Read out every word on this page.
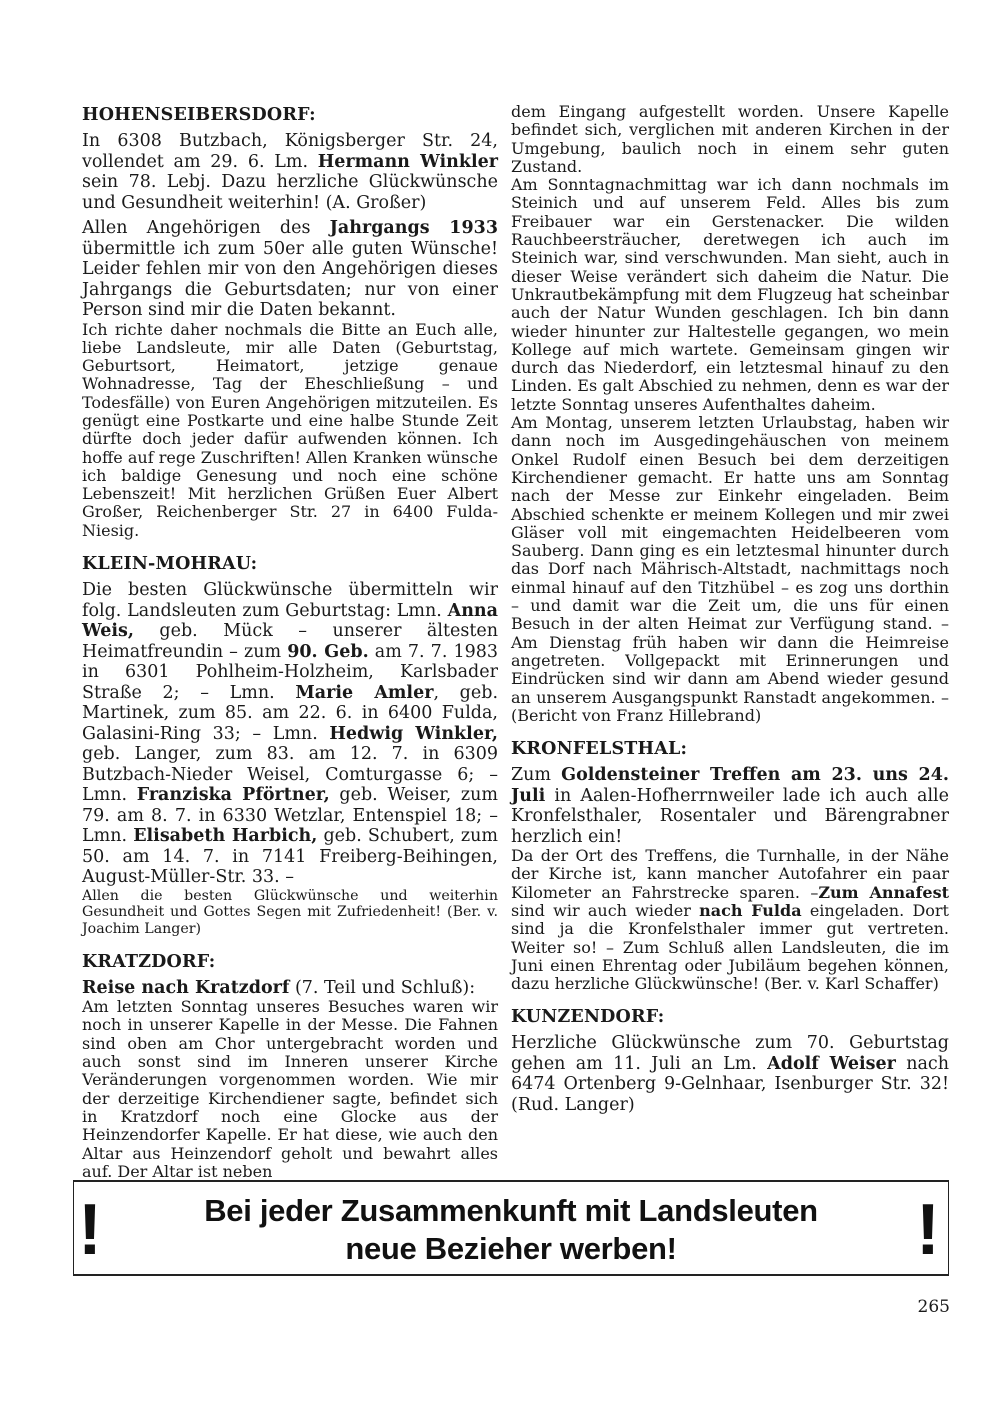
HOHENSEIBERSDORF:

In 6308 Butzbach, Königsberger Str. 24, vollendet am 29. 6. Lm. Hermann Winkler sein 78. Lebj. Dazu herzliche Glückwünsche und Gesundheit weiterhin! (A. Großer)

Allen Angehörigen des Jahrgangs 1933 übermittle ich zum 50er alle guten Wünsche! Leider fehlen mir von den Angehörigen dieses Jahrgangs die Geburtsdaten; nur von einer Person sind mir die Daten bekannt.

Ich richte daher nochmals die Bitte an Euch alle, liebe Landsleute, mir alle Daten (Geburtstag, Geburtsort, Heimatort, jetzige genaue Wohnadresse, Tag der Eheschließung – und Todesfälle) von Euren Angehörigen mitzuteilen. Es genügt eine Postkarte und eine halbe Stunde Zeit dürfte doch jeder dafür aufwenden können. Ich hoffe auf rege Zuschriften! Allen Kranken wünsche ich baldige Genesung und noch eine schöne Lebenszeit! Mit herzlichen Grüßen Euer Albert Großer, Reichenberger Str. 27 in 6400 Fulda-Niesig.

KLEIN-MOHRAU:

Die besten Glückwünsche übermitteln wir folg. Landsleuten zum Geburtstag: Lmn. Anna Weis, geb. Mück – unserer ältesten Heimatfreundin – zum 90. Geb. am 7. 7. 1983 in 6301 Pohlheim-Holzheim, Karlsbader Straße 2; – Lmn. Marie Amler, geb. Martinek, zum 85. am 22. 6. in 6400 Fulda, Galasini-Ring 33; – Lmn. Hedwig Winkler, geb. Langer, zum 83. am 12. 7. in 6309 Butzbach-Nieder Weisel, Comturgasse 6; – Lmn. Franziska Pförtner, geb. Weiser, zum 79. am 8. 7. in 6330 Wetzlar, Entenspiel 18; – Lmn. Elisabeth Harbich, geb. Schubert, zum 50. am 14. 7. in 7141 Freiberg-Beihingen, August-Müller-Str. 33. –

Allen die besten Glückwünsche und weiterhin Gesundheit und Gottes Segen mit Zufriedenheit! (Ber. v. Joachim Langer)

KRATZDORF:

Reise nach Kratzdorf (7. Teil und Schluß):

Am letzten Sonntag unseres Besuches waren wir noch in unserer Kapelle in der Messe. Die Fahnen sind oben am Chor untergebracht worden und auch sonst sind im Inneren unserer Kirche Veränderungen vorgenommen worden. Wie mir der derzeitige Kirchendiener sagte, befindet sich in Kratzdorf noch eine Glocke aus der Heinzendorfer Kapelle. Er hat diese, wie auch den Altar aus Heinzendorf geholt und bewahrt alles auf. Der Altar ist neben

dem Eingang aufgestellt worden. Unsere Kapelle befindet sich, verglichen mit anderen Kirchen in der Umgebung, baulich noch in einem sehr guten Zustand.

Am Sonntagnachmittag war ich dann nochmals im Steinich und auf unserem Feld. Alles bis zum Freibauer war ein Gerstenacker. Die wilden Rauchbeersträucher, deretwegen ich auch im Steinich war, sind verschwunden. Man sieht, auch in dieser Weise verändert sich daheim die Natur. Die Unkrautbekämpfung mit dem Flugzeug hat scheinbar auch der Natur Wunden geschlagen. Ich bin dann wieder hinunter zur Haltestelle gegangen, wo mein Kollege auf mich wartete. Gemeinsam gingen wir durch das Niederdorf, ein letztesmal hinauf zu den Linden. Es galt Abschied zu nehmen, denn es war der letzte Sonntag unseres Aufenthaltes daheim.

Am Montag, unserem letzten Urlaubstag, haben wir dann noch im Ausgedingehäuschen von meinem Onkel Rudolf einen Besuch bei dem derzeitigen Kirchendiener gemacht. Er hatte uns am Sonntag nach der Messe zur Einkehr eingeladen. Beim Abschied schenkte er meinem Kollegen und mir zwei Gläser voll mit eingemachten Heidelbeeren vom Sauberg. Dann ging es ein letztesmal hinunter durch das Dorf nach Mährisch-Altstadt, nachmittags noch einmal hinauf auf den Titzhübel – es zog uns dorthin – und damit war die Zeit um, die uns für einen Besuch in der alten Heimat zur Verfügung stand. – Am Dienstag früh haben wir dann die Heimreise angetreten. Vollgepackt mit Erinnerungen und Eindrücken sind wir dann am Abend wieder gesund an unserem Ausgangspunkt Ranstadt angekommen. – (Bericht von Franz Hillebrand)

KRONFELSTHAL:

Zum Goldensteiner Treffen am 23. uns 24. Juli in Aalen-Hofherrnweiler lade ich auch alle Kronfelsthaler, Rosentaler und Bärengrabner herzlich ein!

Da der Ort des Treffens, die Turnhalle, in der Nähe der Kirche ist, kann mancher Autofahrer ein paar Kilometer an Fahrstrecke sparen. –Zum Annafest sind wir auch wieder nach Fulda eingeladen. Dort sind ja die Kronfelsthaler immer gut vertreten. Weiter so! – Zum Schluß allen Landsleuten, die im Juni einen Ehrentag oder Jubiläum begehen können, dazu herzliche Glückwünsche! (Ber. v. Karl Schaffer)

KUNZENDORF:

Herzliche Glückwünsche zum 70. Geburtstag gehen am 11. Juli an Lm. Adolf Weiser nach 6474 Ortenberg 9-Gelnhaar, Isenburger Str. 32! (Rud. Langer)

!	Bei jeder Zusammenkunft mit Landsleuten
neue Bezieher werben!	!
265
